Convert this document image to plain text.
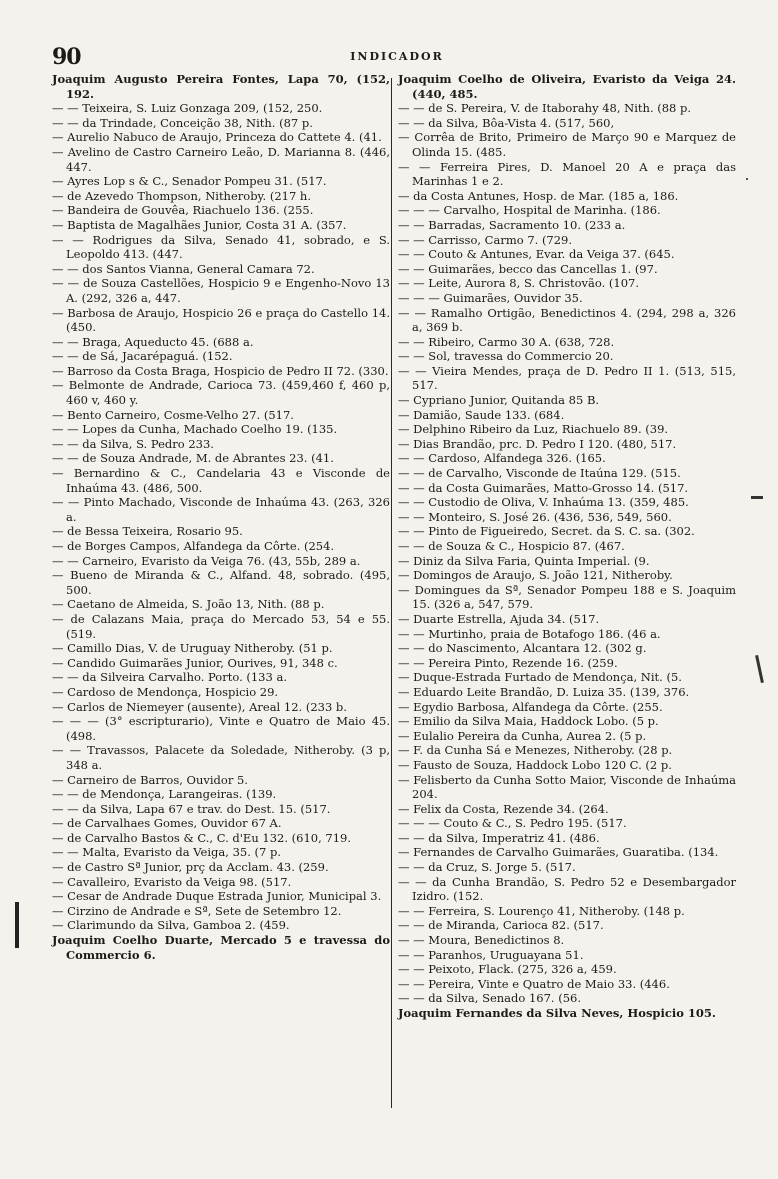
90	INDICADOR
Joaquim Augusto Pereira Fontes, Lapa 70, (152, 192.
— — Teixeira, S. Luiz Gonzaga 209, (152, 250.
— — da Trindade, Conceição 38, Nith. (87 p.
— Aurelio Nabuco de Araujo, Princeza do Cattete 4. (41.
— Avelino de Castro Carneiro Leão, D. Marianna 8. (446, 447.
— Ayres Lop s & C., Senador Pompeu 31. (517.
— de Azevedo Thompson, Nitheroby. (217 h.
— Bandeira de Gouvêa, Riachuelo 136. (255.
— Baptista de Magalhães Junior, Costa 31 A. (357.
— — Rodrigues da Silva, Senado 41, sobrado, e S. Leopoldo 413. (447.
— — dos Santos Vianna, General Camara 72.
— — de Souza Castellões, Hospicio 9 e Engenho-Novo 13 A. (292, 326 a, 447.
— Barbosa de Araujo, Hospicio 26 e praça do Castello 14. (450.
— — Braga, Aqueducto 45. (688 a.
— — de Sá, Jacarépaguá. (152.
— Barroso da Costa Braga, Hospicio de Pedro II 72. (330.
— Belmonte de Andrade, Carioca 73. (459,460 f, 460 p, 460 v, 460 y.
— Bento Carneiro, Cosme-Velho 27. (517.
— — Lopes da Cunha, Machado Coelho 19. (135.
— — da Silva, S. Pedro 233.
— — de Souza Andrade, M. de Abrantes 23. (41.
— Bernardino & C., Candelaria 43 e Visconde de Inhaúma 43. (486, 500.
— — Pinto Machado, Visconde de Inhaúma 43. (263, 326 a.
— de Bessa Teixeira, Rosario 95.
— de Borges Campos, Alfandega da Côrte. (254.
— — Carneiro, Evaristo da Veiga 76. (43, 55b, 289 a.
— Bueno de Miranda & C., Alfand. 48, sobrado. (495, 500.
— Caetano de Almeida, S. João 13, Nith. (88 p.
— de Calazans Maia, praça do Mercado 53, 54 e 55. (519.
— Camillo Dias, V. de Uruguay Nitheroby. (51 p.
— Candido Guimarães Junior, Ourives, 91, 348 c.
— — da Silveira Carvalho. Porto. (133 a.
— Cardoso de Mendonça, Hospicio 29.
— Carlos de Niemeyer (ausente), Areal 12. (233 b.
— — — (3° escripturario), Vinte e Quatro de Maio 45. (498.
— — Travassos, Palacete da Soledade, Nitheroby. (3 p, 348 a.
— Carneiro de Barros, Ouvidor 5.
— — de Mendonça, Larangeiras. (139.
— — da Silva, Lapa 67 e trav. do Dest. 15. (517.
— de Carvalhaes Gomes, Ouvidor 67 A.
— de Carvalho Bastos & C., C. d'Eu 132. (610, 719.
— — Malta, Evaristo da Veiga, 35. (7 p.
— de Castro Sª Junior, prç da Acclam. 43. (259.
— Cavalleiro, Evaristo da Veiga 98. (517.
— Cesar de Andrade Duque Estrada Junior, Municipal 3.
— Cirzino de Andrade e Sª, Sete de Setembro 12.
— Clarimundo da Silva, Gamboa 2. (459.
Joaquim Coelho Duarte, Mercado 5 e travessa do Commercio 6.
Joaquim Coelho de Oliveira, Evaristo da Veiga 24. (440, 485.
— — de S. Pereira, V. de Itaborahy 48, Nith. (88 p.
— — da Silva, Bôa-Vista 4. (517, 560,
— Corrêa de Brito, Primeiro de Março 90 e Marquez de Olinda 15. (485.
— — Ferreira Pires, D. Manoel 20 A e praça das Marinhas 1 e 2.
— da Costa Antunes, Hosp. de Mar. (185 a, 186.
— — — Carvalho, Hospital de Marinha. (186.
— — Barradas, Sacramento 10. (233 a.
— — Carrisso, Carmo 7. (729.
— — Couto & Antunes, Evar. da Veiga 37. (645.
— — Guimarães, becco das Cancellas 1. (97.
— — Leite, Aurora 8, S. Christovão. (107.
— — — Guimarães, Ouvidor 35.
— — Ramalho Ortigão, Benedictinos 4. (294, 298 a, 326 a, 369 b.
— — Ribeiro, Carmo 30 A. (638, 728.
— — Sol, travessa do Commercio 20.
— — Vieira Mendes, praça de D. Pedro II 1. (513, 515, 517.
— Cypriano Junior, Quitanda 85 B.
— Damião, Saude 133. (684.
— Delphino Ribeiro da Luz, Riachuelo 89. (39.
— Dias Brandão, prc. D. Pedro I 120. (480, 517.
— — Cardoso, Alfandega 326. (165.
— — de Carvalho, Visconde de Itaúna 129. (515.
— — da Costa Guimarães, Matto-Grosso 14. (517.
— — Custodio de Oliva, V. Inhaúma 13. (359, 485.
— — Monteiro, S. José 26. (436, 536, 549, 560.
— — Pinto de Figueiredo, Secret. da S. C. sa. (302.
— — de Souza & C., Hospicio 87. (467.
— Diniz da Silva Faria, Quinta Imperial. (9.
— Domingos de Araujo, S. João 121, Nitheroby.
— Domingues da Sª, Senador Pompeu 188 e S. Joaquim 15. (326 a, 547, 579.
— Duarte Estrella, Ajuda 34. (517.
— — Murtinho, praia de Botafogo 186. (46 a.
— — do Nascimento, Alcantara 12. (302 g.
— — Pereira Pinto, Rezende 16. (259.
— Duque-Estrada Furtado de Mendonça, Nit. (5.
— Eduardo Leite Brandão, D. Luiza 35. (139, 376.
— Egydio Barbosa, Alfandega da Côrte. (255.
— Emilio da Silva Maia, Haddock Lobo. (5 p.
— Eulalio Pereira da Cunha, Aurea 2. (5 p.
— F. da Cunha Sá e Menezes, Nitheroby. (28 p.
— Fausto de Souza, Haddock Lobo 120 C. (2 p.
— Felisberto da Cunha Sotto Maior, Visconde de Inhaúma 204.
— Felix da Costa, Rezende 34. (264.
— — — Couto & C., S. Pedro 195. (517.
— — da Silva, Imperatriz 41. (486.
— Fernandes de Carvalho Guimarães, Guaratiba. (134.
— — da Cruz, S. Jorge 5. (517.
— — da Cunha Brandão, S. Pedro 52 e Desembargador Izidro. (152.
— — Ferreira, S. Lourenço 41, Nitheroby. (148 p.
— — de Miranda, Carioca 82. (517.
— — Moura, Benedictinos 8.
— — Paranhos, Uruguayana 51.
— — Peixoto, Flack. (275, 326 a, 459.
— — Pereira, Vinte e Quatro de Maio 33. (446.
— — da Silva, Senado 167. (56.
Joaquim Fernandes da Silva Neves, Hospicio 105.
